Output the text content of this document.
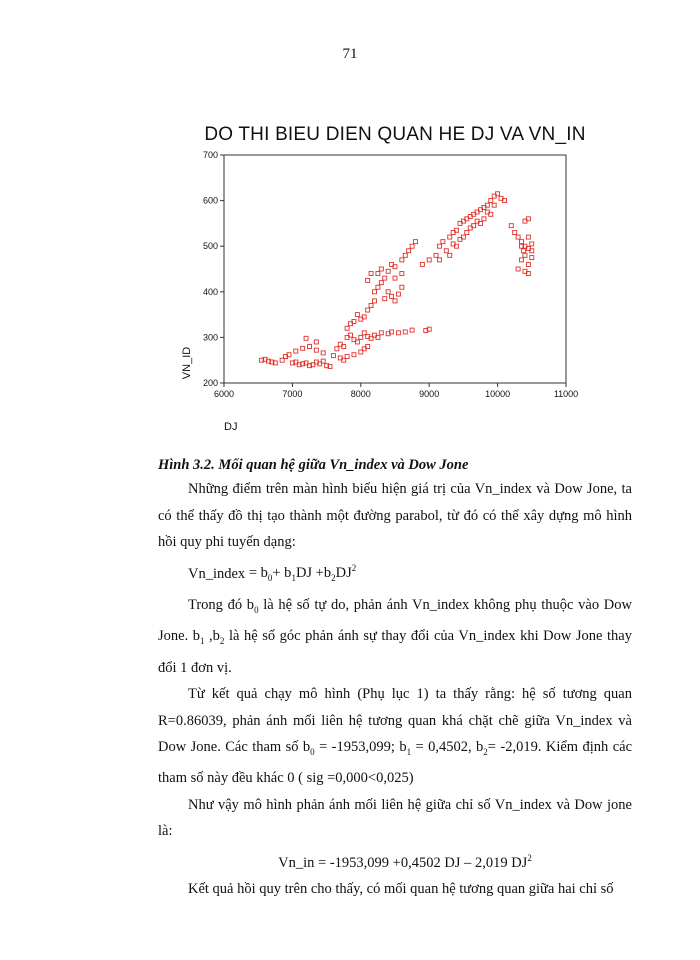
71
DO THI BIEU DIEN QUAN HE DJ VA VN_IN
6000	7000	8000	9000	10000	11000
200
300
400
500
600
700
VN_ID
DJ
Hình 3.2. Mối quan hệ giữa Vn_index và Dow Jone

Những điểm trên màn hình biểu hiện giá trị của Vn_index và Dow Jone, ta có thể thấy đồ thị tạo thành một đường parabol, từ đó có thể xây dựng mô hình hồi quy phi tuyến dạng:

Vn_index = $b_0+ b_1DJ +b_2DJ^2$

Trong đó $b_0$ là hệ số tự do, phản ánh Vn_index không phụ thuộc vào Dow Jone. $b_1$ $,b_2$ là hệ số góc phản ánh sự thay đổi của Vn_index khi Dow Jone thay đổi 1 đơn vị.

Từ kết quả chạy mô hình (Phụ lục 1) ta thấy rằng: hệ số tương quan R=0.86039, phản ánh mối liên hệ tương quan khá chặt chẽ giữa Vn_index và Dow Jone. Các tham số $b_0 = -1953,099$; $b_1 = 0,4502$, $b_2= -2,019$. Kiểm định các tham số này đều khác 0 ( sig =0,000<0,025)

Như vậy mô hình phản ánh mối liên hệ giữa chỉ số Vn_index và Dow jone là:

Vn_in = -1953,099 +0,4502 DJ – 2,019 $DJ^2$

Kết quả hồi quy trên cho thấy, có mối quan hệ tương quan giữa hai chỉ số
